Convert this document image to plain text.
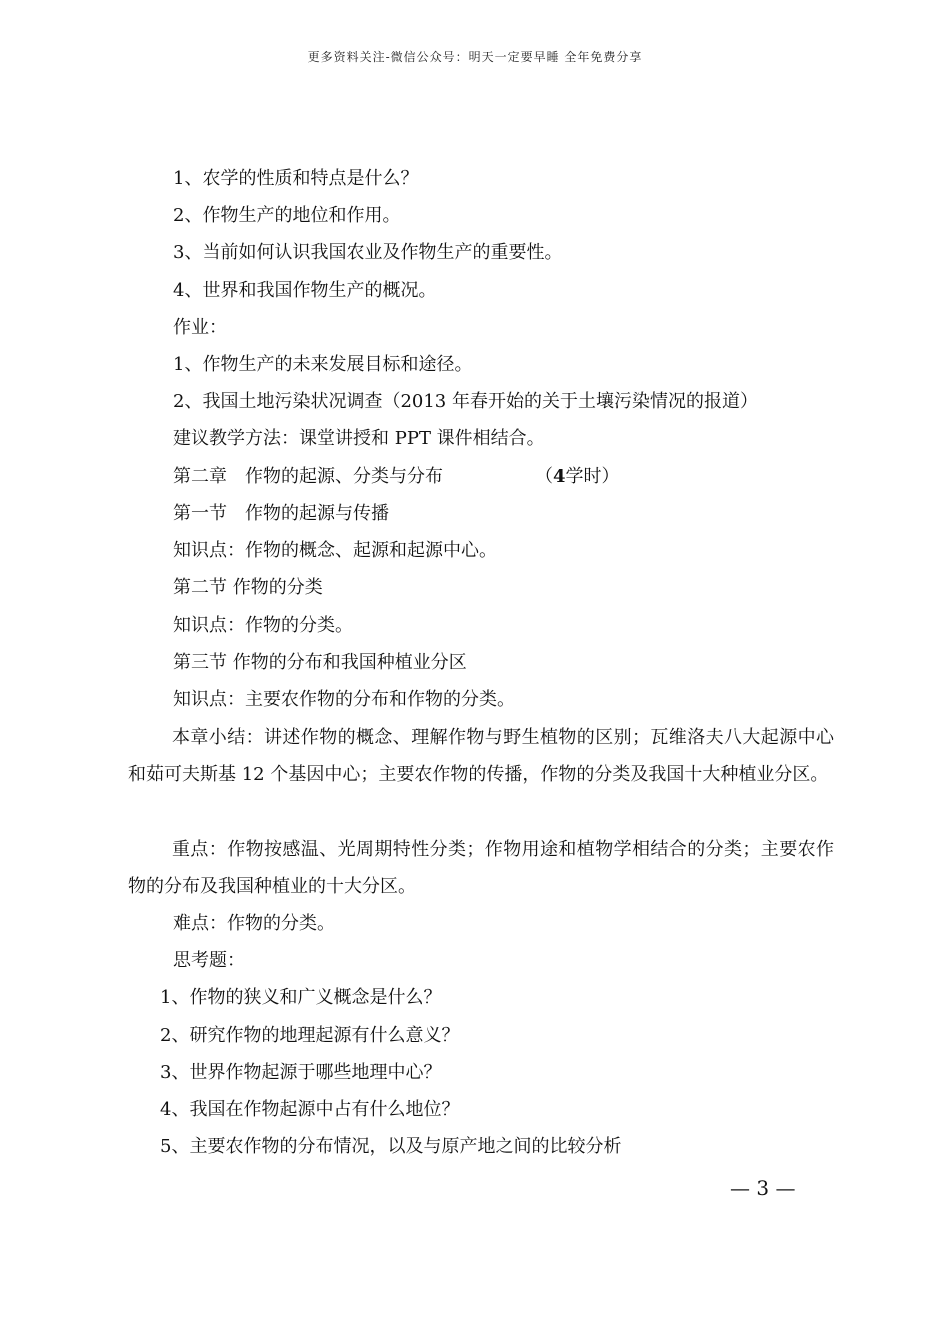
更多资料关注-微信公众号：明天一定要早睡 全年免费分享
1、农学的性质和特点是什么？
2、作物生产的地位和作用。
3、当前如何认识我国农业及作物生产的重要性。
4、世界和我国作物生产的概况。
作业：
1、作物生产的未来发展目标和途径。
2、我国土地污染状况调查（2013 年春开始的关于土壤污染情况的报道）
建议教学方法：课堂讲授和 PPT 课件相结合。
第二章　作物的起源、分类与分布	（4学时）
第一节　作物的起源与传播
知识点：作物的概念、起源和起源中心。
第二节 作物的分类
知识点：作物的分类。
第三节 作物的分布和我国种植业分区
知识点：主要农作物的分布和作物的分类。
本章小结：讲述作物的概念、理解作物与野生植物的区别；瓦维洛夫八大起源中心和茹可夫斯基 12 个基因中心；主要农作物的传播，作物的分类及我国十大种植业分区。
重点：作物按感温、光周期特性分类；作物用途和植物学相结合的分类；主要农作物的分布及我国种植业的十大分区。
难点：作物的分类。
思考题：
1、作物的狭义和广义概念是什么？
2、研究作物的地理起源有什么意义？
3、世界作物起源于哪些地理中心？
4、我国在作物起源中占有什么地位？
5、主要农作物的分布情况，以及与原产地之间的比较分析
— 3 —
